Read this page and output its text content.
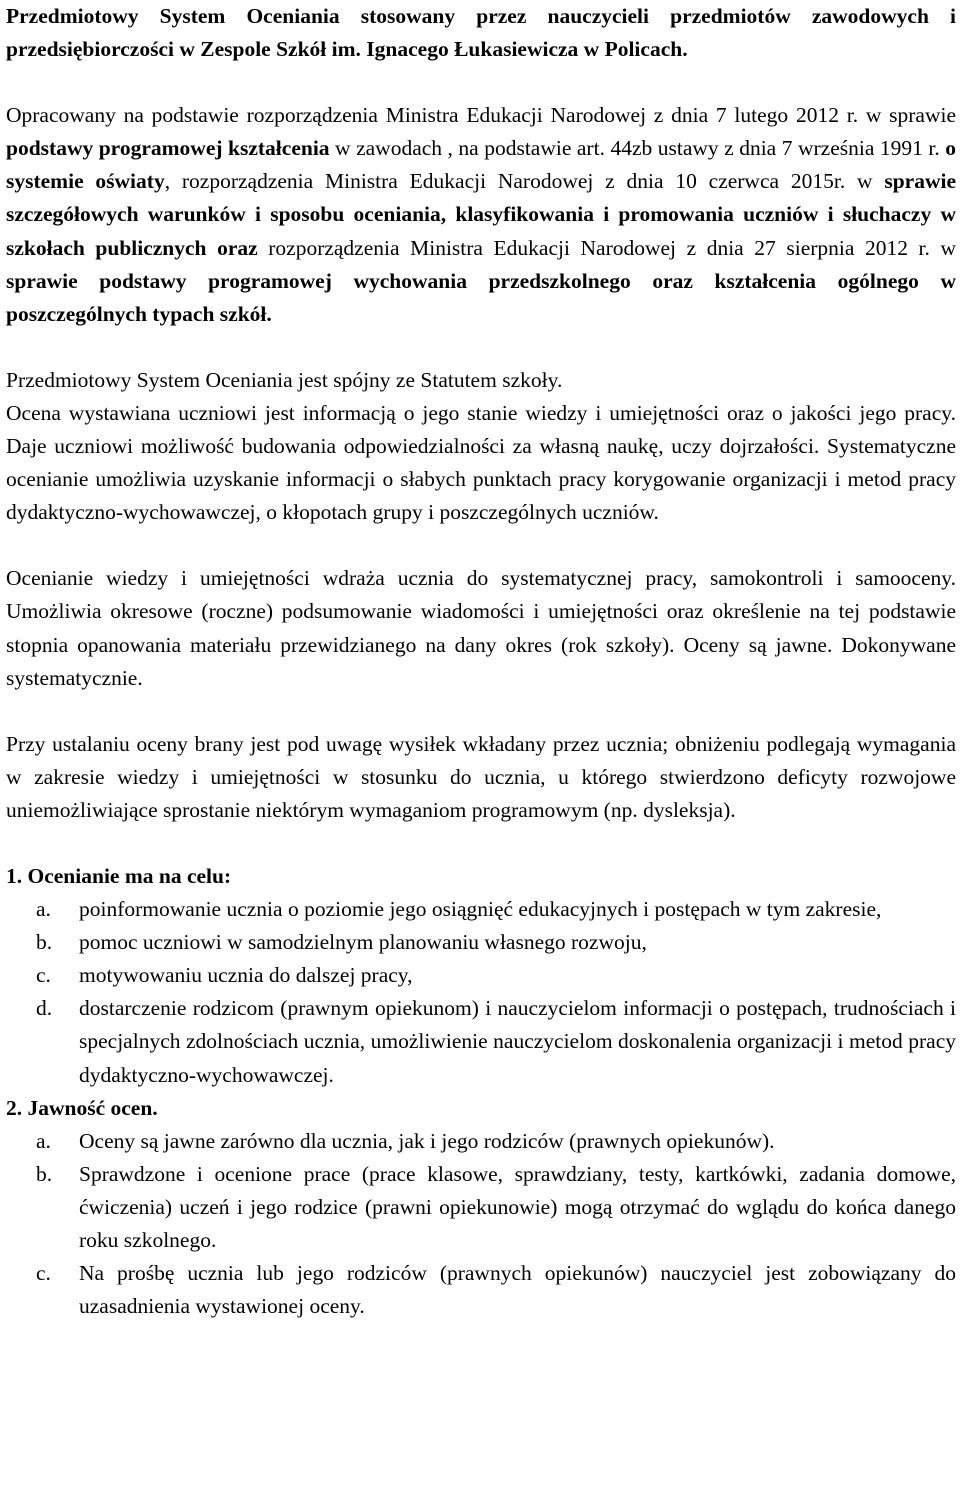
Przedmiotowy System Oceniania stosowany przez nauczycieli przedmiotów zawodowych i przedsiębiorczości w Zespole Szkół im. Ignacego Łukasiewicza w Policach.

Opracowany na podstawie rozporządzenia Ministra Edukacji Narodowej z dnia 7 lutego 2012 r. w sprawie podstawy programowej kształcenia w zawodach , na podstawie art. 44zb ustawy z dnia 7 września 1991 r. o systemie oświaty, rozporządzenia Ministra Edukacji Narodowej z dnia 10 czerwca 2015r. w sprawie szczegółowych warunków i sposobu oceniania, klasyfikowania i promowania uczniów i słuchaczy w szkołach publicznych oraz rozporządzenia Ministra Edukacji Narodowej z dnia 27 sierpnia 2012 r. w sprawie podstawy programowej wychowania przedszkolnego oraz kształcenia ogólnego w poszczególnych typach szkół.

Przedmiotowy System Oceniania jest spójny ze Statutem szkoły.

Ocena wystawiana uczniowi jest informacją o jego stanie wiedzy i umiejętności oraz o jakości jego pracy. Daje uczniowi możliwość budowania odpowiedzialności za własną naukę, uczy dojrzałości. Systematyczne ocenianie umożliwia uzyskanie informacji o słabych punktach pracy korygowanie organizacji i metod pracy dydaktyczno-wychowawczej, o kłopotach grupy i poszczególnych uczniów.

Ocenianie wiedzy i umiejętności wdraża ucznia do systematycznej pracy, samokontroli i samooceny. Umożliwia okresowe (roczne) podsumowanie wiadomości i umiejętności oraz określenie na tej podstawie stopnia opanowania materiału przewidzianego na dany okres (rok szkoły). Oceny są jawne. Dokonywane systematycznie.

Przy ustalaniu oceny brany jest pod uwagę wysiłek wkładany przez ucznia; obniżeniu podlegają wymagania w zakresie wiedzy i umiejętności w stosunku do ucznia, u którego stwierdzono deficyty rozwojowe uniemożliwiające sprostanie niektórym wymaganiom programowym (np. dysleksja).

1. Ocenianie ma na celu:
a. poinformowanie ucznia o poziomie jego osiągnięć edukacyjnych i postępach w tym zakresie,
b. pomoc uczniowi w samodzielnym planowaniu własnego rozwoju,
c. motywowaniu ucznia do dalszej pracy,
d. dostarczenie rodzicom (prawnym opiekunom) i nauczycielom informacji o postępach, trudnościach i specjalnych zdolnościach ucznia, umożliwienie nauczycielom doskonalenia organizacji i metod pracy dydaktyczno-wychowawczej.
2. Jawność ocen.
a. Oceny są jawne zarówno dla ucznia, jak i jego rodziców (prawnych opiekunów).
b. Sprawdzone i ocenione prace (prace klasowe, sprawdziany, testy, kartkówki, zadania domowe, ćwiczenia) uczeń i jego rodzice (prawni opiekunowie) mogą otrzymać do wglądu do końca danego roku szkolnego.
c. Na prośbę ucznia lub jego rodziców (prawnych opiekunów) nauczyciel jest zobowiązany do uzasadnienia wystawionej oceny.
